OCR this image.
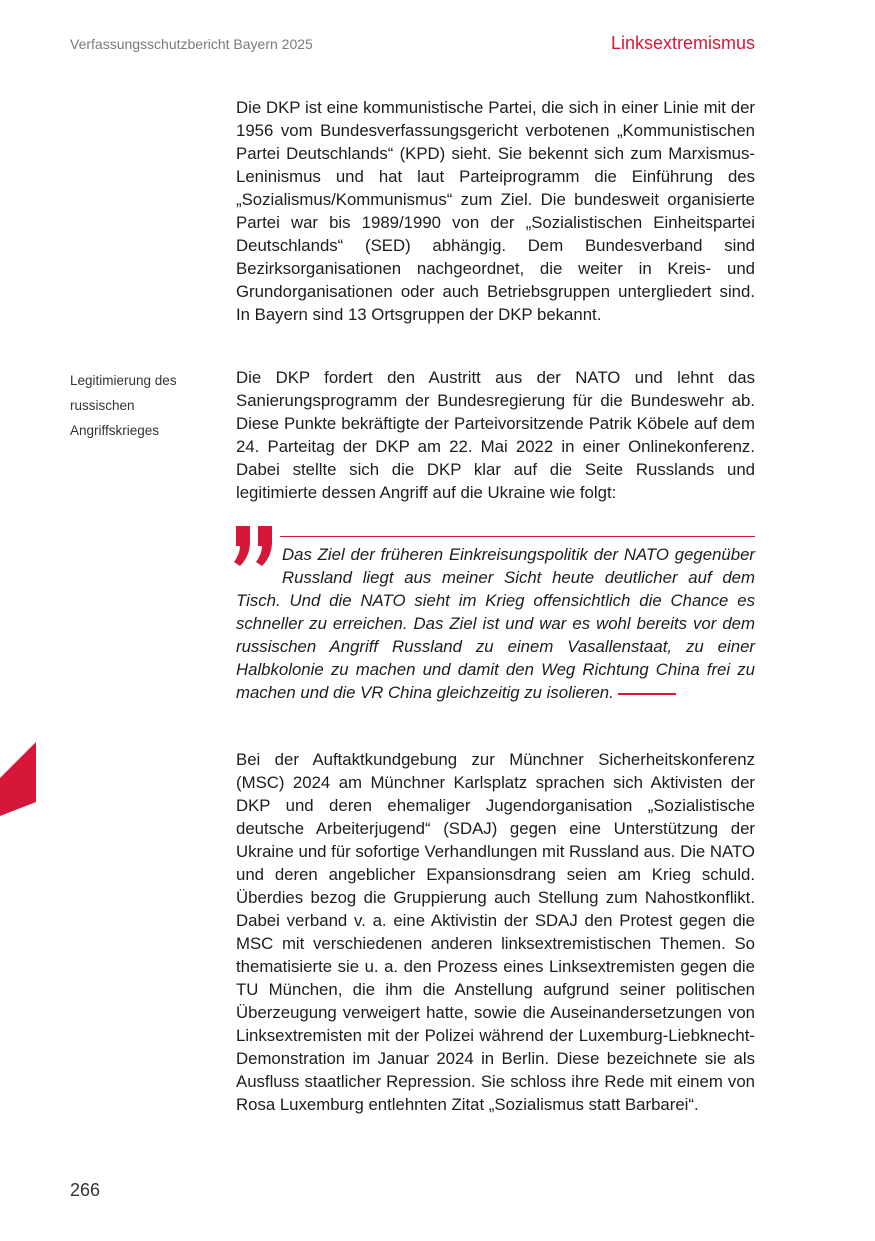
Verfassungsschutzbericht Bayern 2025	Linksextremismus

Die DKP ist eine kommunistische Partei, die sich in einer Linie mit der 1956 vom Bundesverfassungsgericht verbotenen „Kommunistischen Partei Deutschlands“ (KPD) sieht. Sie bekennt sich zum Marxismus-Leninismus und hat laut Parteiprogramm die Einführung des „Sozialismus/Kommunismus“ zum Ziel. Die bundesweit organisierte Partei war bis 1989/1990 von der „Sozialistischen Einheitspartei Deutschlands“ (SED) abhängig. Dem Bundesverband sind Bezirksorganisationen nachgeordnet, die weiter in Kreis- und Grundorganisationen oder auch Betriebsgruppen untergliedert sind. In Bayern sind 13 Ortsgruppen der DKP bekannt.

Legitimierung des russischen Angriffskrieges

Die DKP fordert den Austritt aus der NATO und lehnt das Sanierungsprogramm der Bundesregierung für die Bundeswehr ab. Diese Punkte bekräftigte der Parteivorsitzende Patrik Köbele auf dem 24. Parteitag der DKP am 22. Mai 2022 in einer Onlinekonferenz. Dabei stellte sich die DKP klar auf die Seite Russlands und legitimierte dessen Angriff auf die Ukraine wie folgt:

Das Ziel der früheren Einkreisungspolitik der NATO gegenüber Russland liegt aus meiner Sicht heute deutlicher auf dem Tisch. Und die NATO sieht im Krieg offensichtlich die Chance es schneller zu erreichen. Das Ziel ist und war es wohl bereits vor dem russischen Angriff Russland zu einem Vasallenstaat, zu einer Halbkolonie zu machen und damit den Weg Richtung China frei zu machen und die VR China gleichzeitig zu isolieren.

Bei der Auftaktkundgebung zur Münchner Sicherheitskonferenz (MSC) 2024 am Münchner Karlsplatz sprachen sich Aktivisten der DKP und deren ehemaliger Jugendorganisation „Sozialistische deutsche Arbeiterjugend“ (SDAJ) gegen eine Unterstützung der Ukraine und für sofortige Verhandlungen mit Russland aus. Die NATO und deren angeblicher Expansionsdrang seien am Krieg schuld. Überdies bezog die Gruppierung auch Stellung zum Nahostkonflikt. Dabei verband v. a. eine Aktivistin der SDAJ den Protest gegen die MSC mit verschiedenen anderen linksextremistischen Themen. So thematisierte sie u. a. den Prozess eines Linksextremisten gegen die TU München, die ihm die Anstellung aufgrund seiner politischen Überzeugung verweigert hatte, sowie die Auseinandersetzungen von Linksextremisten mit der Polizei während der Luxemburg-Liebknecht-Demonstration im Januar 2024 in Berlin. Diese bezeichnete sie als Ausfluss staatlicher Repression. Sie schloss ihre Rede mit einem von Rosa Luxemburg entlehnten Zitat „Sozialismus statt Barbarei“.

266
